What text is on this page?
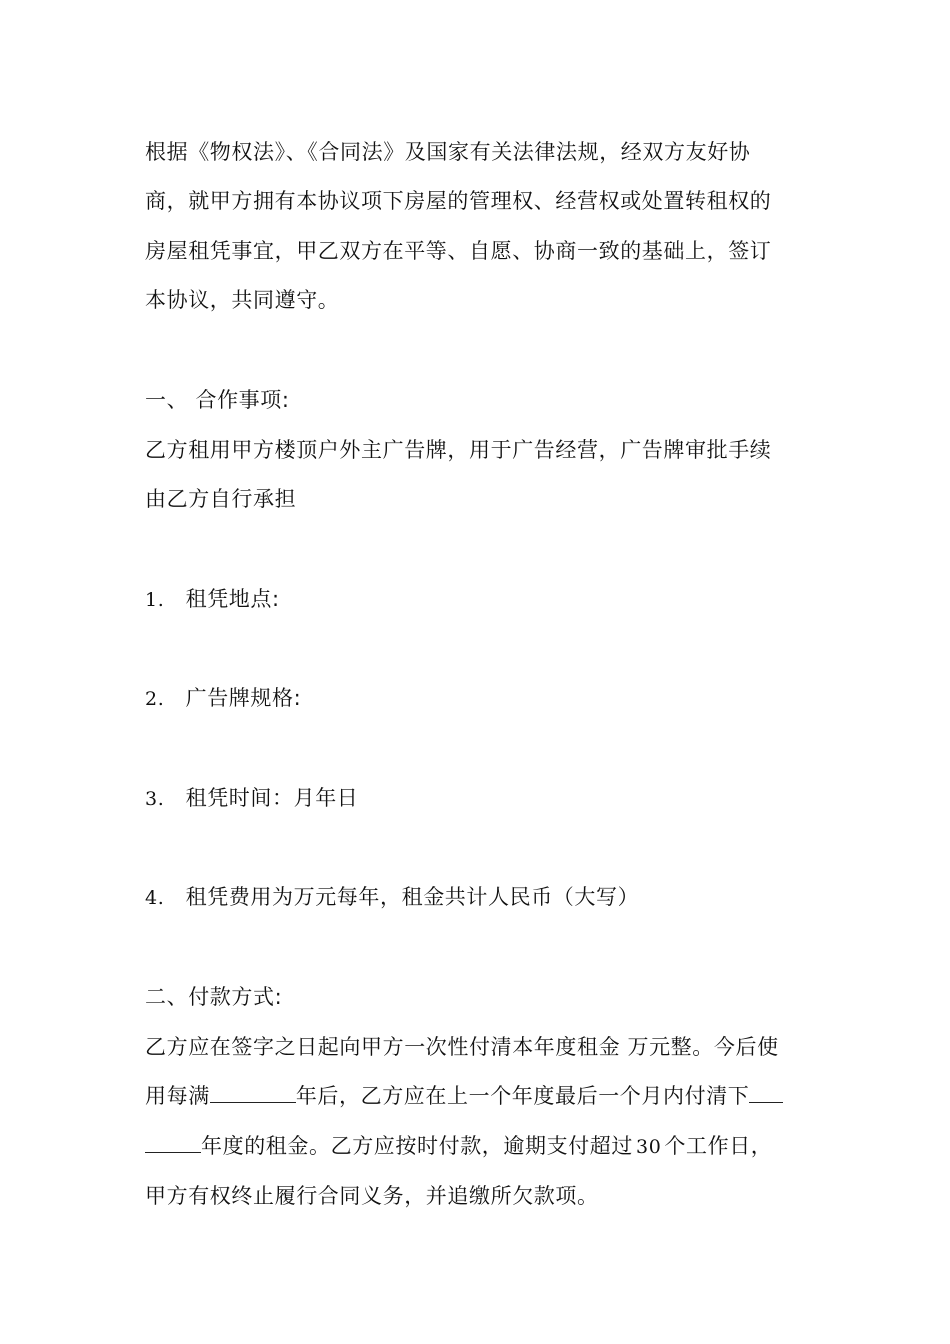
根据《物权法》、《合同法》及国家有关法律法规，经双方友好协
商，就甲方拥有本协议项下房屋的管理权、经营权或处置转租权的
房屋租凭事宜，甲乙双方在平等、自愿、协商一致的基础上，签订
本协议，共同遵守。
一、 合作事项:
乙方租用甲方楼顶户外主广告牌，用于广告经营，广告牌审批手续
由乙方自行承担
1. 租凭地点:
2. 广告牌规格:
3. 租凭时间：月年日
4. 租凭费用为万元每年，租金共计人民币（大写）
二、付款方式:
乙方应在签字之日起向甲方一次性付清本年度租金 万元整。今后使
用每满	年后，乙方应在上一个年度最后一个月内付清下
年度的租金。乙方应按时付款，逾期支付超过 30 个工作日，
甲方有权终止履行合同义务，并追缴所欠款项。
